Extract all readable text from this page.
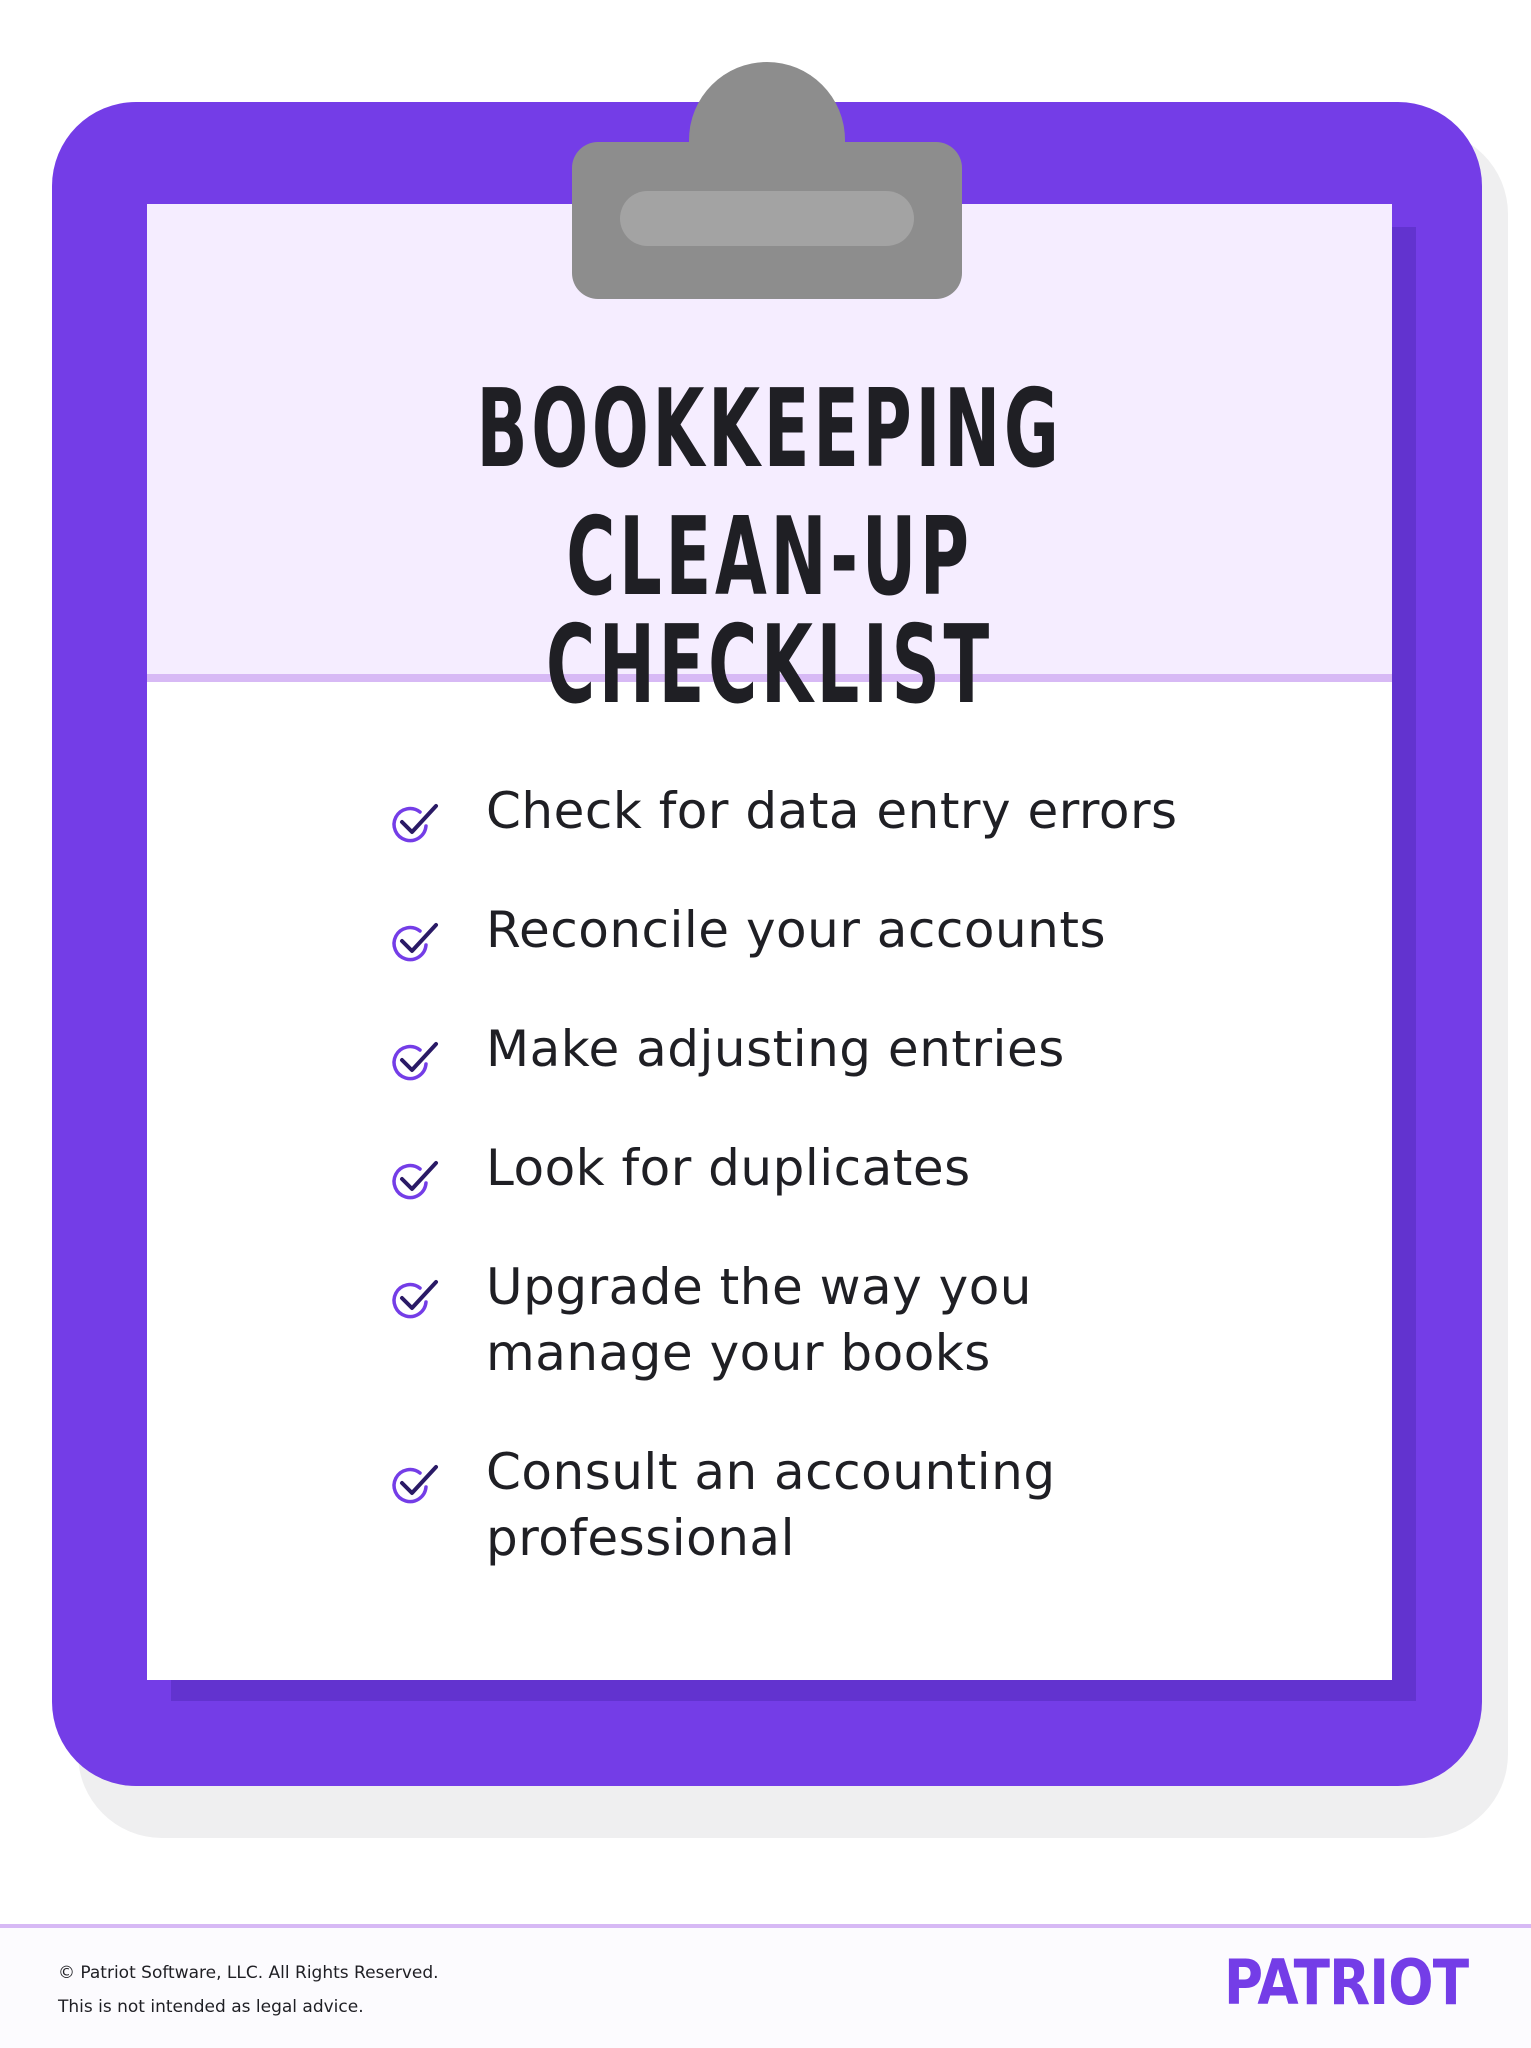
BOOKKEEPING
CLEAN-UP CHECKLIST
Check for data entry errors
Reconcile your accounts
Make adjusting entries
Look for duplicates
Upgrade the way you manage your books
Consult an accounting professional
© Patriot Software, LLC. All Rights Reserved.
This is not intended as legal advice.	PATRIOT
